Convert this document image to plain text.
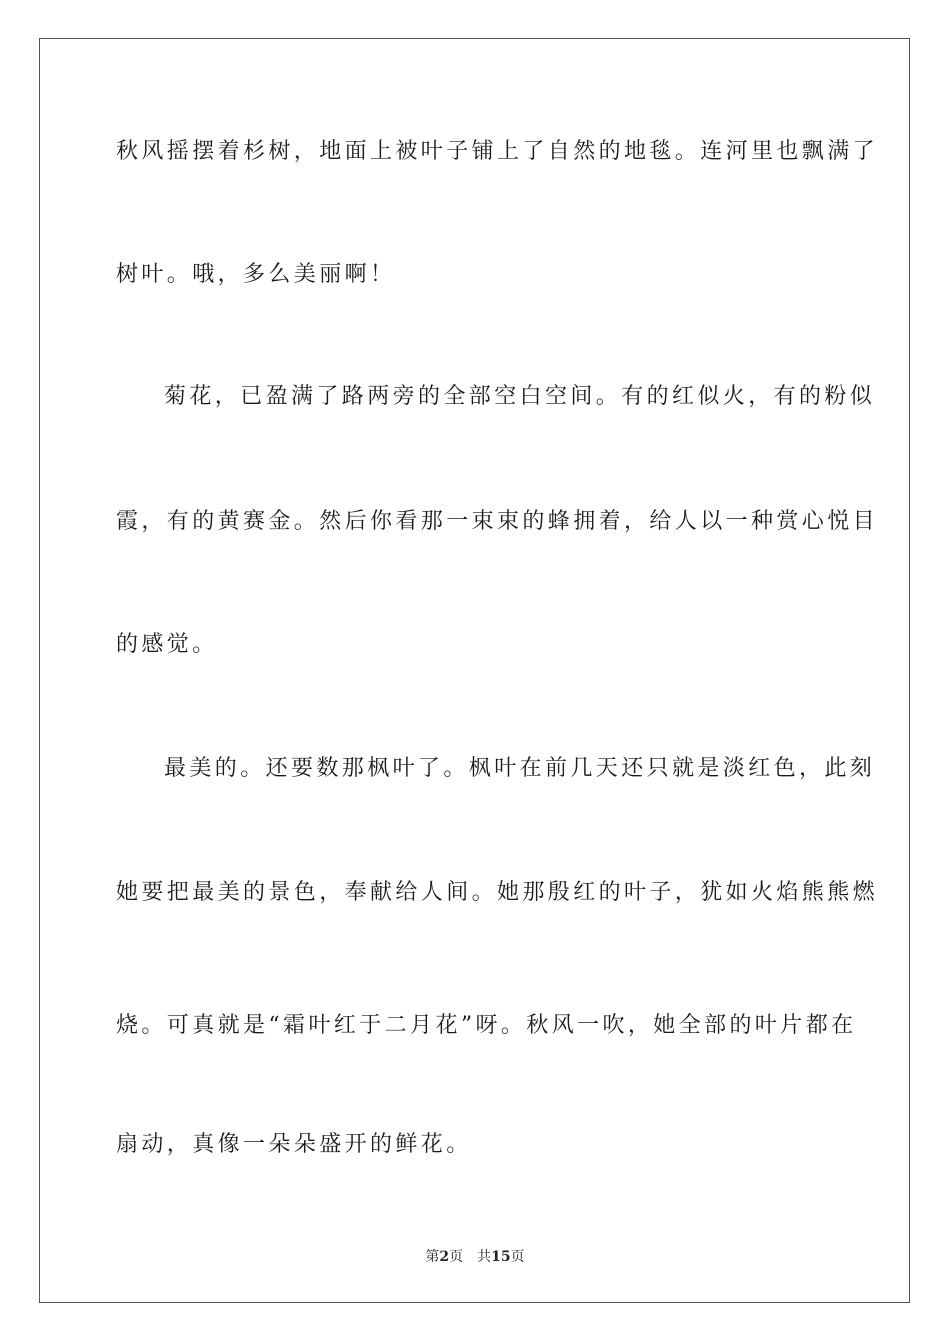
秋风摇摆着杉树，地面上被叶子铺上了自然的地毯。连河里也飘满了
树叶。哦，多么美丽啊！
菊花，已盈满了路两旁的全部空白空间。有的红似火，有的粉似
霞，有的黄赛金。然后你看那一束束的蜂拥着，给人以一种赏心悦目
的感觉。
最美的。还要数那枫叶了。枫叶在前几天还只就是淡红色，此刻
她要把最美的景色，奉献给人间。她那殷红的叶子，犹如火焰熊熊燃
烧。可真就是“霜叶红于二月花”呀。秋风一吹，她全部的叶片都在
扇动，真像一朵朵盛开的鲜花。
第2页 共15页
